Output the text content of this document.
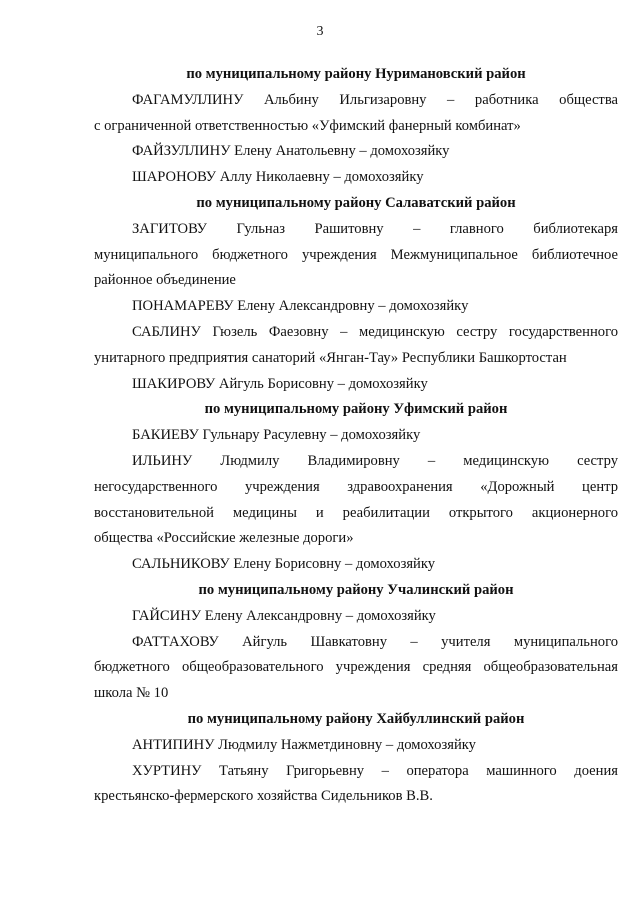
3

по муниципальному району Нуримановский район

ФАГАМУЛЛИНУ Альбину Ильгизаровну – работника общества
с ограниченной ответственностью «Уфимский фанерный комбинат»
ФАЙЗУЛЛИНУ Елену Анатольевну – домохозяйку
ШАРОНОВУ Аллу Николаевну – домохозяйку

по муниципальному району Салаватский район

ЗАГИТОВУ Гульназ Рашитовну – главного библиотекаря
муниципального бюджетного учреждения Межмуниципальное библиотечное
районное объединение
ПОНАМАРЕВУ Елену Александровну – домохозяйку
САБЛИНУ Гюзель Фаезовну – медицинскую сестру государственного
унитарного предприятия санаторий «Янган-Тау» Республики Башкортостан
ШАКИРОВУ Айгуль Борисовну – домохозяйку

по муниципальному району Уфимский район

БАКИЕВУ Гульнару Расулевну – домохозяйку
ИЛЬИНУ Людмилу Владимировну – медицинскую сестру
негосударственного учреждения здравоохранения «Дорожный центр
восстановительной медицины и реабилитации открытого акционерного
общества «Российские железные дороги»
САЛЬНИКОВУ Елену Борисовну – домохозяйку

по муниципальному району Учалинский район

ГАЙСИНУ Елену Александровну – домохозяйку
ФАТТАХОВУ Айгуль Шавкатовну – учителя муниципального
бюджетного общеобразовательного учреждения средняя общеобразовательная
школа № 10

по муниципальному району Хайбуллинский район

АНТИПИНУ Людмилу Нажметдиновну – домохозяйку
ХУРТИНУ Татьяну Григорьевну – оператора машинного доения
крестьянско-фермерского хозяйства Сидельников В.В.
